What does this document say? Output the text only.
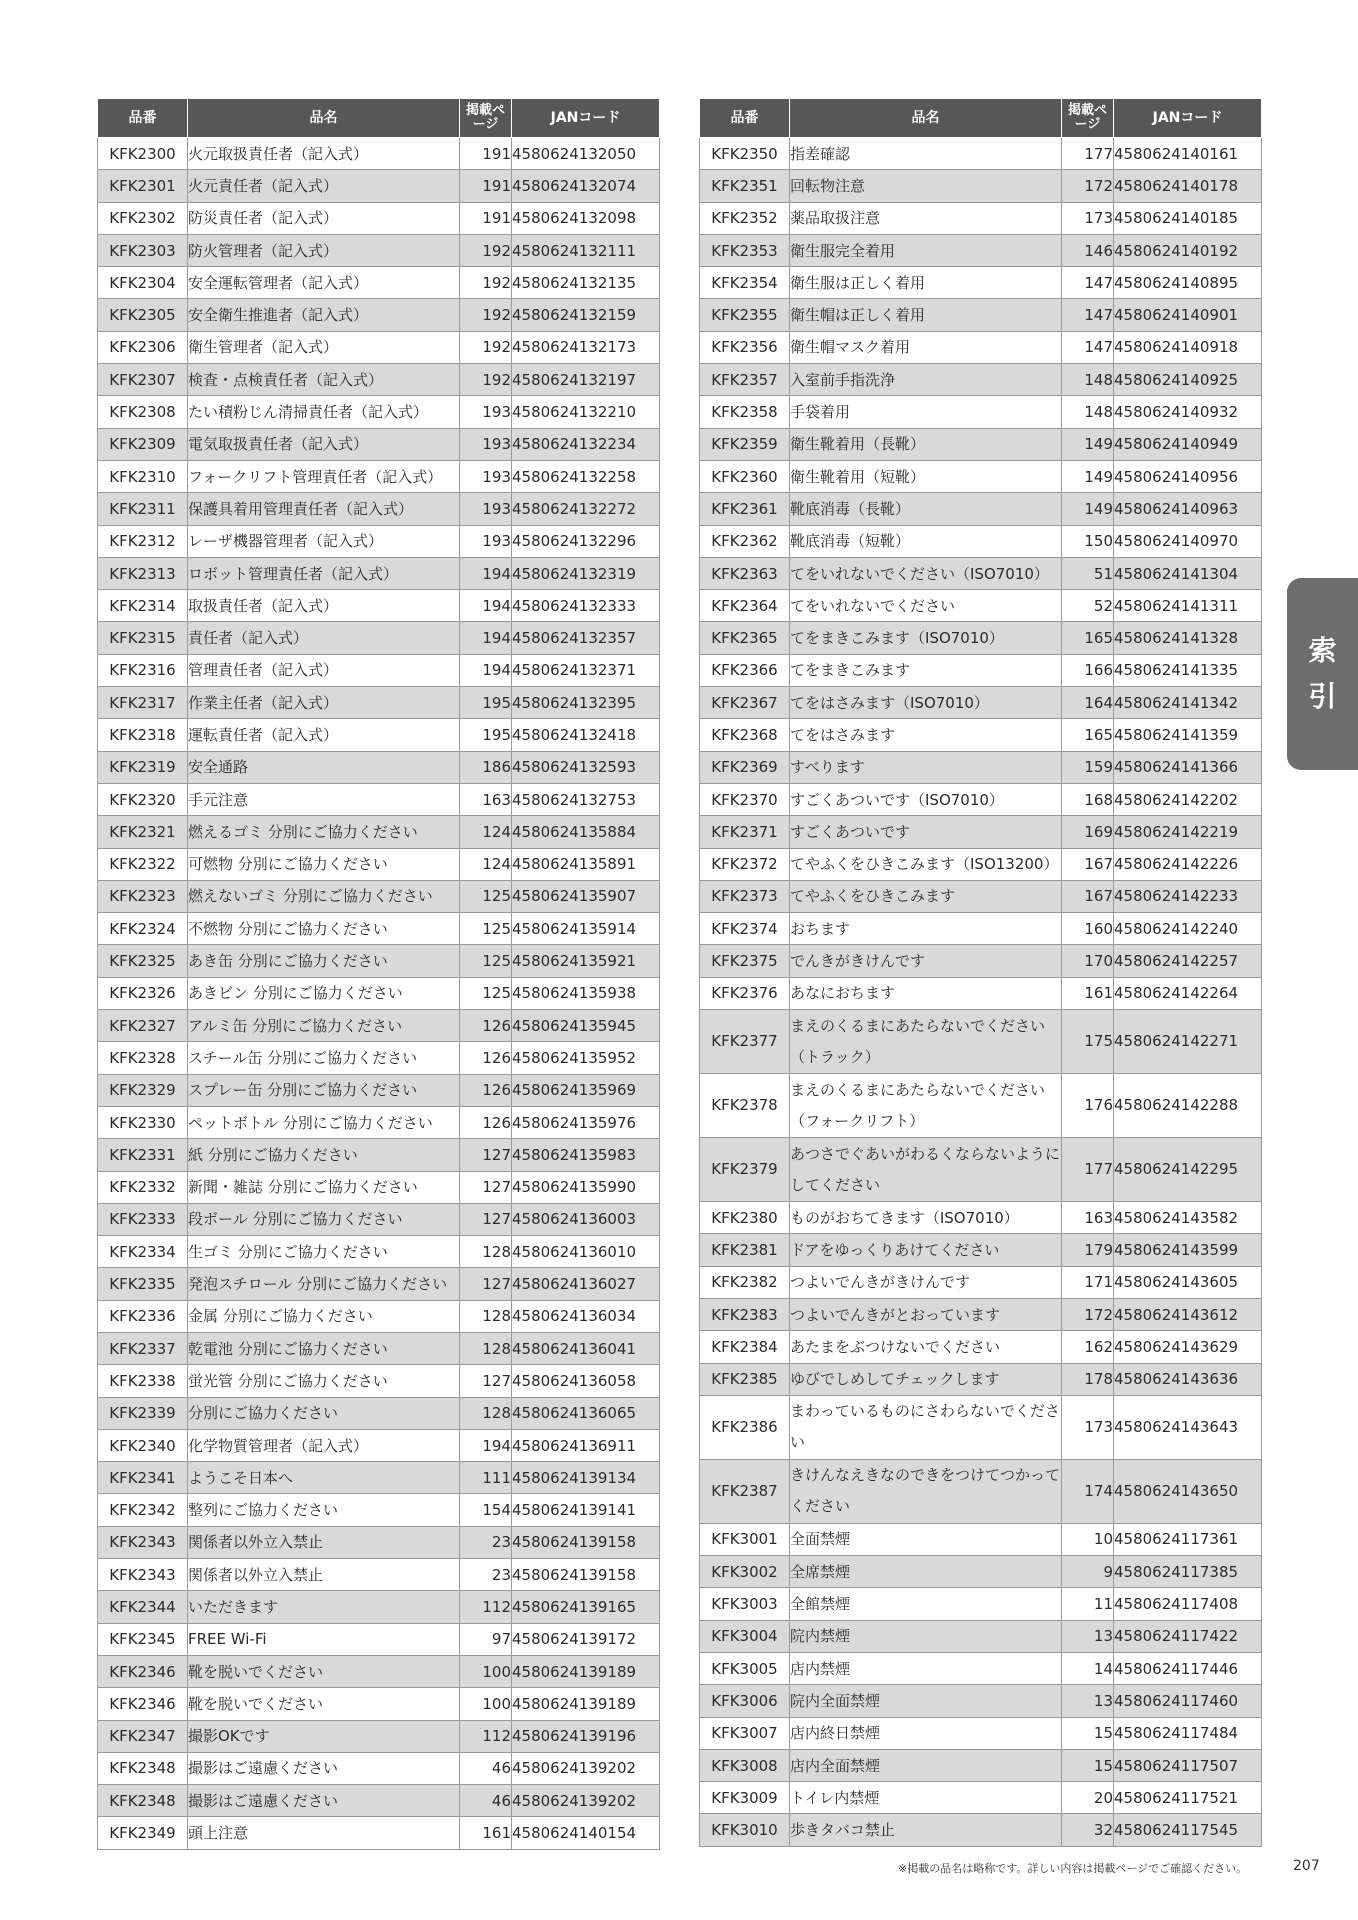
品番	品名	掲載ページ	JANコード
KFK2300	火元取扱責任者（記入式）	191	4580624132050
KFK2301	火元責任者（記入式）	191	4580624132074
KFK2302	防災責任者（記入式）	191	4580624132098
KFK2303	防火管理者（記入式）	192	4580624132111
KFK2304	安全運転管理者（記入式）	192	4580624132135
KFK2305	安全衛生推進者（記入式）	192	4580624132159
KFK2306	衛生管理者（記入式）	192	4580624132173
KFK2307	検査・点検責任者（記入式）	192	4580624132197
KFK2308	たい積粉じん清掃責任者（記入式）	193	4580624132210
KFK2309	電気取扱責任者（記入式）	193	4580624132234
KFK2310	フォークリフト管理責任者（記入式）	193	4580624132258
KFK2311	保護具着用管理責任者（記入式）	193	4580624132272
KFK2312	レーザ機器管理者（記入式）	193	4580624132296
KFK2313	ロボット管理責任者（記入式）	194	4580624132319
KFK2314	取扱責任者（記入式）	194	4580624132333
KFK2315	責任者（記入式）	194	4580624132357
KFK2316	管理責任者（記入式）	194	4580624132371
KFK2317	作業主任者（記入式）	195	4580624132395
KFK2318	運転責任者（記入式）	195	4580624132418
KFK2319	安全通路	186	4580624132593
KFK2320	手元注意	163	4580624132753
KFK2321	燃えるゴミ 分別にご協力ください	124	4580624135884
KFK2322	可燃物 分別にご協力ください	124	4580624135891
KFK2323	燃えないゴミ 分別にご協力ください	125	4580624135907
KFK2324	不燃物 分別にご協力ください	125	4580624135914
KFK2325	あき缶 分別にご協力ください	125	4580624135921
KFK2326	あきビン 分別にご協力ください	125	4580624135938
KFK2327	アルミ缶 分別にご協力ください	126	4580624135945
KFK2328	スチール缶 分別にご協力ください	126	4580624135952
KFK2329	スプレー缶 分別にご協力ください	126	4580624135969
KFK2330	ペットボトル 分別にご協力ください	126	4580624135976
KFK2331	紙 分別にご協力ください	127	4580624135983
KFK2332	新聞・雑誌 分別にご協力ください	127	4580624135990
KFK2333	段ボール 分別にご協力ください	127	4580624136003
KFK2334	生ゴミ 分別にご協力ください	128	4580624136010
KFK2335	発泡スチロール 分別にご協力ください	127	4580624136027
KFK2336	金属 分別にご協力ください	128	4580624136034
KFK2337	乾電池 分別にご協力ください	128	4580624136041
KFK2338	蛍光管 分別にご協力ください	127	4580624136058
KFK2339	分別にご協力ください	128	4580624136065
KFK2340	化学物質管理者（記入式）	194	4580624136911
KFK2341	ようこそ日本へ	111	4580624139134
KFK2342	整列にご協力ください	154	4580624139141
KFK2343	関係者以外立入禁止	23	4580624139158
KFK2343	関係者以外立入禁止	23	4580624139158
KFK2344	いただきます	112	4580624139165
KFK2345	FREE Wi-Fi	97	4580624139172
KFK2346	靴を脱いでください	100	4580624139189
KFK2346	靴を脱いでください	100	4580624139189
KFK2347	撮影OKです	112	4580624139196
KFK2348	撮影はご遠慮ください	46	4580624139202
KFK2348	撮影はご遠慮ください	46	4580624139202
KFK2349	頭上注意	161	4580624140154
品番	品名	掲載ページ	JANコード
KFK2350	指差確認	177	4580624140161
KFK2351	回転物注意	172	4580624140178
KFK2352	薬品取扱注意	173	4580624140185
KFK2353	衛生服完全着用	146	4580624140192
KFK2354	衛生服は正しく着用	147	4580624140895
KFK2355	衛生帽は正しく着用	147	4580624140901
KFK2356	衛生帽マスク着用	147	4580624140918
KFK2357	入室前手指洗浄	148	4580624140925
KFK2358	手袋着用	148	4580624140932
KFK2359	衛生靴着用（長靴）	149	4580624140949
KFK2360	衛生靴着用（短靴）	149	4580624140956
KFK2361	靴底消毒（長靴）	149	4580624140963
KFK2362	靴底消毒（短靴）	150	4580624140970
KFK2363	てをいれないでください（ISO7010）	51	4580624141304
KFK2364	てをいれないでください	52	4580624141311
KFK2365	てをまきこみます（ISO7010）	165	4580624141328
KFK2366	てをまきこみます	166	4580624141335
KFK2367	てをはさみます（ISO7010）	164	4580624141342
KFK2368	てをはさみます	165	4580624141359
KFK2369	すべります	159	4580624141366
KFK2370	すごくあついです（ISO7010）	168	4580624142202
KFK2371	すごくあついです	169	4580624142219
KFK2372	てやふくをひきこみます（ISO13200）	167	4580624142226
KFK2373	てやふくをひきこみます	167	4580624142233
KFK2374	おちます	160	4580624142240
KFK2375	でんきがきけんです	170	4580624142257
KFK2376	あなにおちます	161	4580624142264
KFK2377	まえのくるまにあたらないでください（トラック）	175	4580624142271
KFK2378	まえのくるまにあたらないでください（フォークリフト）	176	4580624142288
KFK2379	あつさでぐあいがわるくならないようにしてください	177	4580624142295
KFK2380	ものがおちてきます（ISO7010）	163	4580624143582
KFK2381	ドアをゆっくりあけてください	179	4580624143599
KFK2382	つよいでんきがきけんです	171	4580624143605
KFK2383	つよいでんきがとおっています	172	4580624143612
KFK2384	あたまをぶつけないでください	162	4580624143629
KFK2385	ゆびでしめしてチェックします	178	4580624143636
KFK2386	まわっているものにさわらないでください	173	4580624143643
KFK2387	きけんなえきなのできをつけてつかってください	174	4580624143650
KFK3001	全面禁煙	10	4580624117361
KFK3002	全席禁煙	9	4580624117385
KFK3003	全館禁煙	11	4580624117408
KFK3004	院内禁煙	13	4580624117422
KFK3005	店内禁煙	14	4580624117446
KFK3006	院内全面禁煙	13	4580624117460
KFK3007	店内終日禁煙	15	4580624117484
KFK3008	店内全面禁煙	15	4580624117507
KFK3009	トイレ内禁煙	20	4580624117521
KFK3010	歩きタバコ禁止	32	4580624117545
索
引
※掲載の品名は略称です。詳しい内容は掲載ページでご確認ください。	207
